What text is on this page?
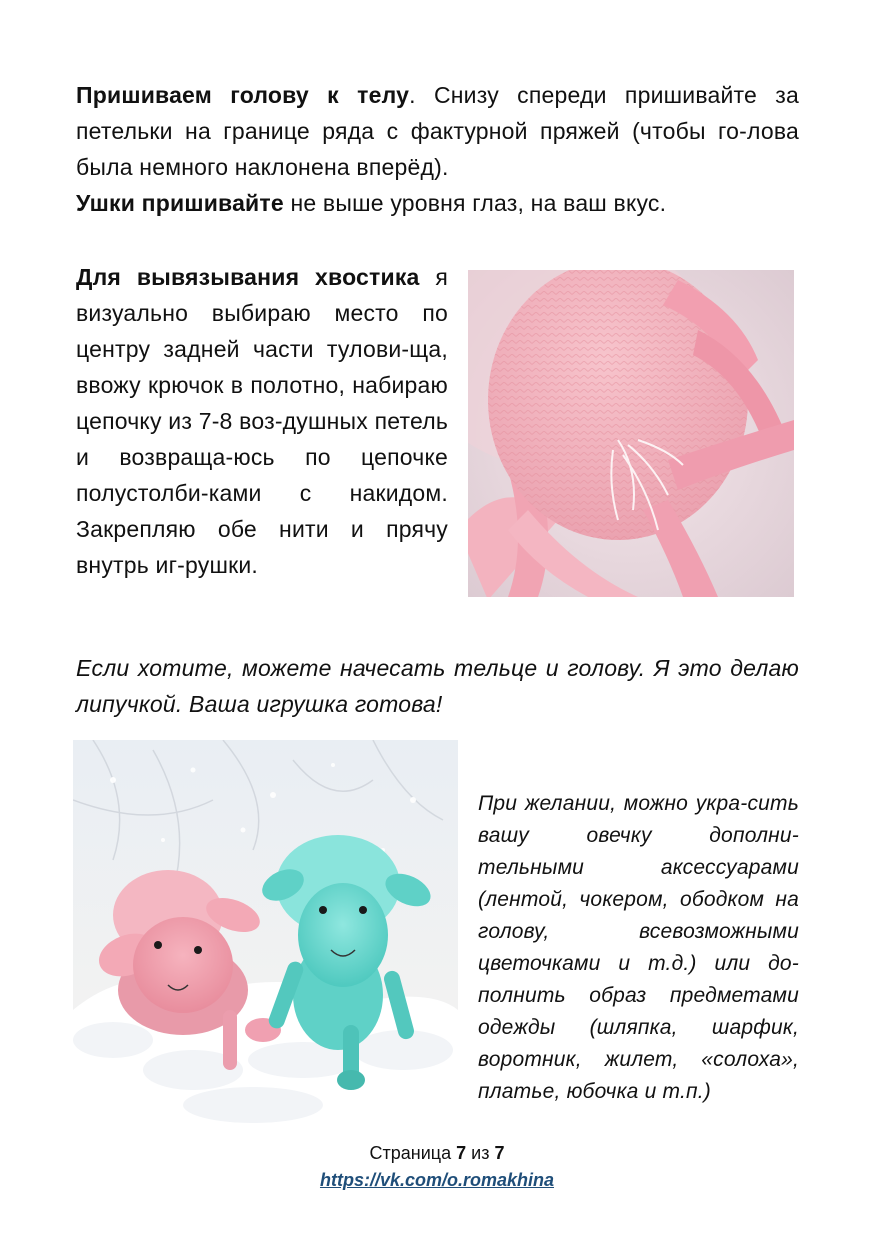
Пришиваем голову к телу. Снизу спереди пришивайте за петельки на границе ряда с фактурной пряжей (чтобы го-лова была немного наклонена вперёд).
Ушки пришивайте не выше уровня глаз, на ваш вкус.

Для вывязывания хвостика я визуально выбираю место по центру задней части тулови-ща, ввожу крючок в полотно, набираю цепочку из 7-8 воз-душных петель и возвраща-юсь по цепочке полустолби-ками с накидом. Закрепляю обе нити и прячу внутрь иг-рушки.

Если хотите, можете начесать тельце и голову. Я это делаю липучкой. Ваша игрушка готова!

При желании, можно укра-сить вашу овечку дополни-тельными аксессуарами (лентой, чокером, ободком на голову, всевозможными цветочками и т.д.) или до-полнить образ предметами одежды (шляпка, шарфик, воротник, жилет, «солоха», платье, юбочка и т.п.)

Страница 7 из 7
https://vk.com/o.romakhina
